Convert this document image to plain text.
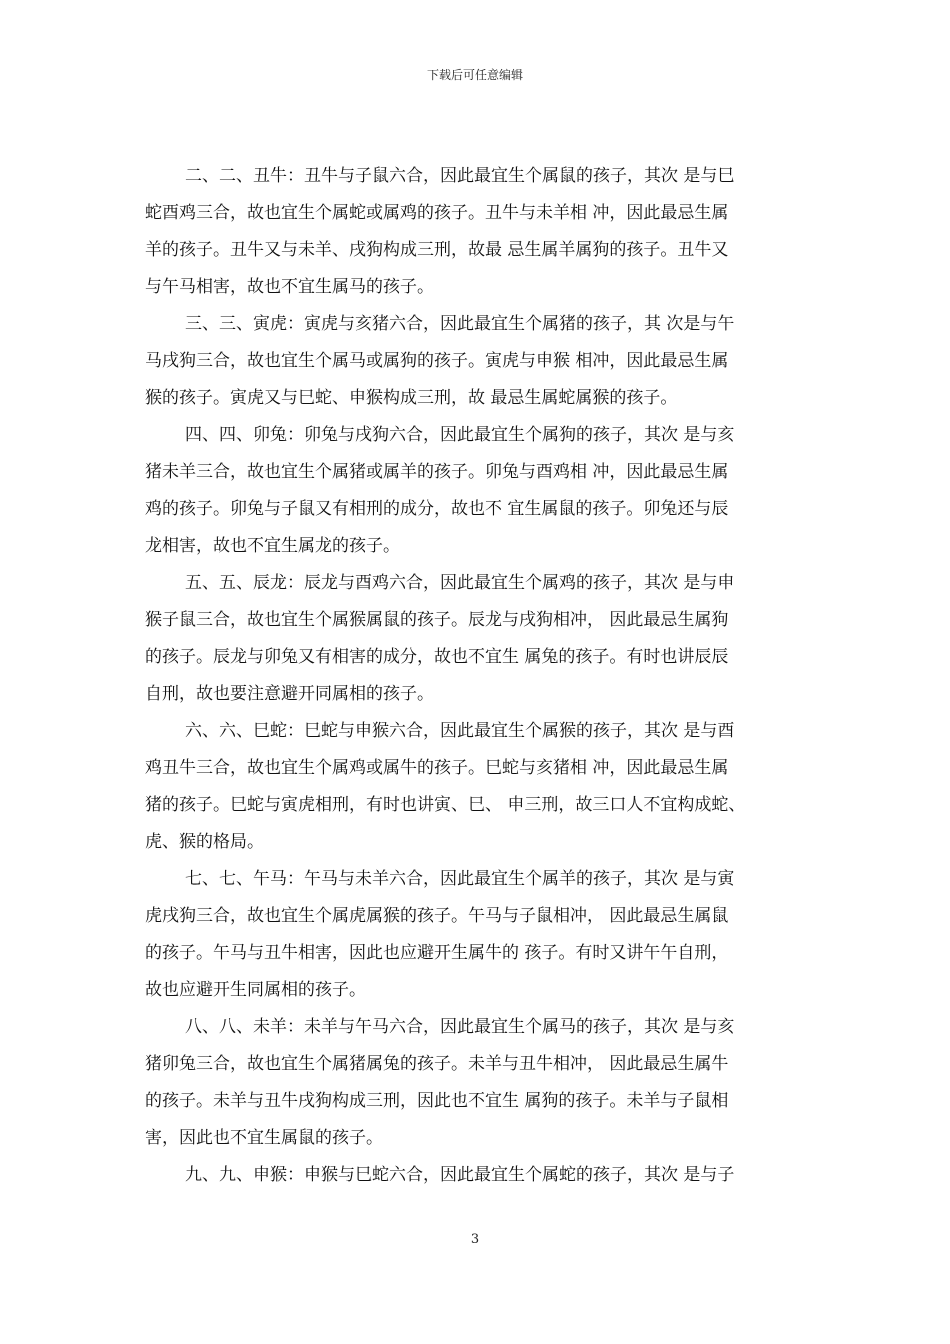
下载后可任意编辑
二、二、丑牛：丑牛与子鼠六合，因此最宜生个属鼠的孩子，其次 是与巳
蛇酉鸡三合，故也宜生个属蛇或属鸡的孩子。丑牛与未羊相 冲，因此最忌生属
羊的孩子。丑牛又与未羊、戌狗构成三刑，故最 忌生属羊属狗的孩子。丑牛又
与午马相害，故也不宜生属马的孩子。
三、三、寅虎：寅虎与亥猪六合，因此最宜生个属猪的孩子，其 次是与午
马戌狗三合，故也宜生个属马或属狗的孩子。寅虎与申猴 相冲，因此最忌生属
猴的孩子。寅虎又与巳蛇、申猴构成三刑，故 最忌生属蛇属猴的孩子。
四、四、卯兔：卯兔与戌狗六合，因此最宜生个属狗的孩子，其次 是与亥
猪未羊三合，故也宜生个属猪或属羊的孩子。卯兔与酉鸡相 冲，因此最忌生属
鸡的孩子。卯兔与子鼠又有相刑的成分，故也不 宜生属鼠的孩子。卯兔还与辰
龙相害，故也不宜生属龙的孩子。
五、五、辰龙：辰龙与酉鸡六合，因此最宜生个属鸡的孩子，其次 是与申
猴子鼠三合，故也宜生个属猴属鼠的孩子。辰龙与戌狗相冲， 因此最忌生属狗
的孩子。辰龙与卯兔又有相害的成分，故也不宜生 属兔的孩子。有时也讲辰辰
自刑，故也要注意避开同属相的孩子。
六、六、巳蛇：巳蛇与申猴六合，因此最宜生个属猴的孩子，其次 是与酉
鸡丑牛三合，故也宜生个属鸡或属牛的孩子。巳蛇与亥猪相 冲，因此最忌生属
猪的孩子。巳蛇与寅虎相刑，有时也讲寅、巳、 申三刑，故三口人不宜构成蛇、
虎、猴的格局。
七、七、午马：午马与未羊六合，因此最宜生个属羊的孩子，其次 是与寅
虎戌狗三合，故也宜生个属虎属猴的孩子。午马与子鼠相冲， 因此最忌生属鼠
的孩子。午马与丑牛相害，因此也应避开生属牛的 孩子。有时又讲午午自刑，
故也应避开生同属相的孩子。
八、八、未羊：未羊与午马六合，因此最宜生个属马的孩子，其次 是与亥
猪卯兔三合，故也宜生个属猪属兔的孩子。未羊与丑牛相冲， 因此最忌生属牛
的孩子。未羊与丑牛戌狗构成三刑，因此也不宜生 属狗的孩子。未羊与子鼠相
害，因此也不宜生属鼠的孩子。
九、九、申猴：申猴与巳蛇六合，因此最宜生个属蛇的孩子，其次 是与子
3
